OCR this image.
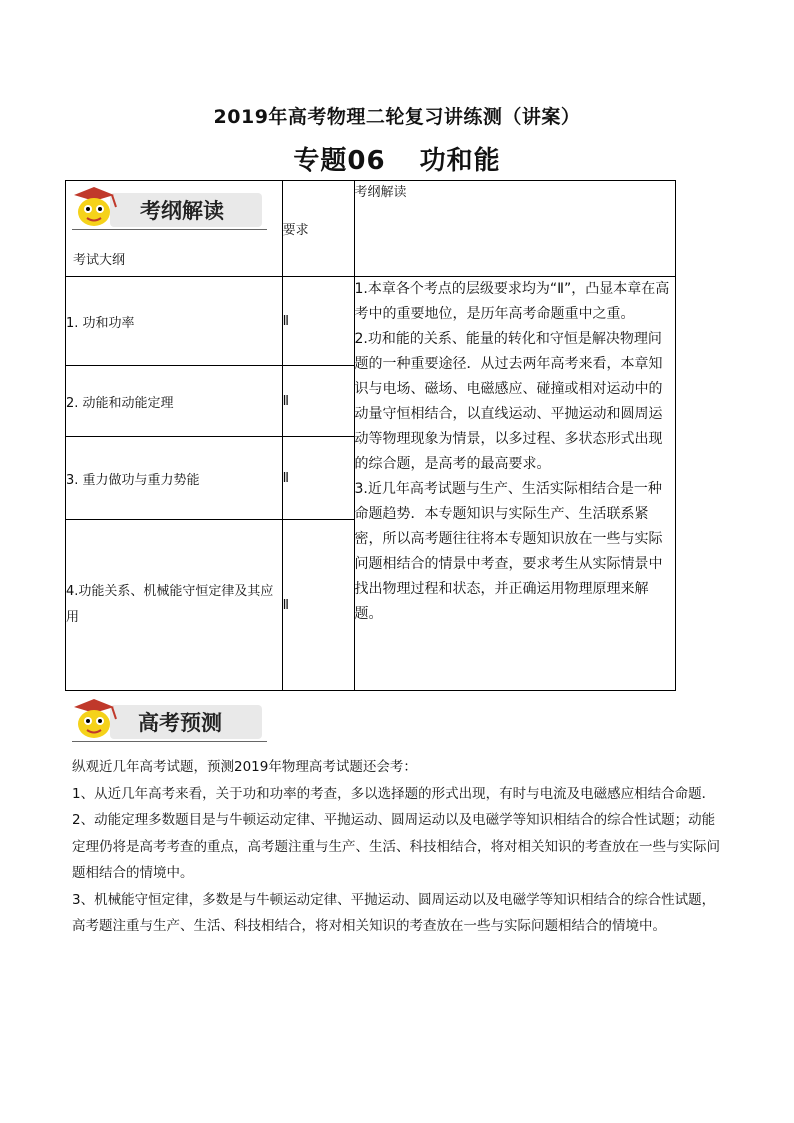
2019年高考物理二轮复习讲练测（讲案）
专题06 功和能
考纲解读
考试大纲	要求	考纲解读
1. 功和功率	Ⅱ	1.本章各个考点的层级要求均为“Ⅱ”，凸显本章在高考中的重要地位，是历年高考命题重中之重。

2.功和能的关系、能量的转化和守恒是解决物理问题的一种重要途径．从过去两年高考来看，本章知识与电场、磁场、电磁感应、碰撞或相对运动中的动量守恒相结合，以直线运动、平抛运动和圆周运动等物理现象为情景，以多过程、多状态形式出现的综合题，是高考的最高要求。

3.近几年高考试题与生产、生活实际相结合是一种命题趋势．本专题知识与实际生产、生活联系紧密，所以高考题往往将本专题知识放在一些与实际问题相结合的情景中考查，要求考生从实际情景中找出物理过程和状态，并正确运用物理原理来解题。

2. 动能和动能定理	Ⅱ	
3. 重力做功与重力势能	Ⅱ	
4.功能关系、机械能守恒定律及其应用	Ⅱ	
高考预测

纵观近几年高考试题，预测2019年物理高考试题还会考：

1、从近几年高考来看，关于功和功率的考查，多以选择题的形式出现，有时与电流及电磁感应相结合命题．

2、动能定理多数题目是与牛顿运动定律、平抛运动、圆周运动以及电磁学等知识相结合的综合性试题；动能定理仍将是高考考查的重点，高考题注重与生产、生活、科技相结合，将对相关知识的考查放在一些与实际问题相结合的情境中。

3、机械能守恒定律，多数是与牛顿运动定律、平抛运动、圆周运动以及电磁学等知识相结合的综合性试题，高考题注重与生产、生活、科技相结合，将对相关知识的考查放在一些与实际问题相结合的情境中。
